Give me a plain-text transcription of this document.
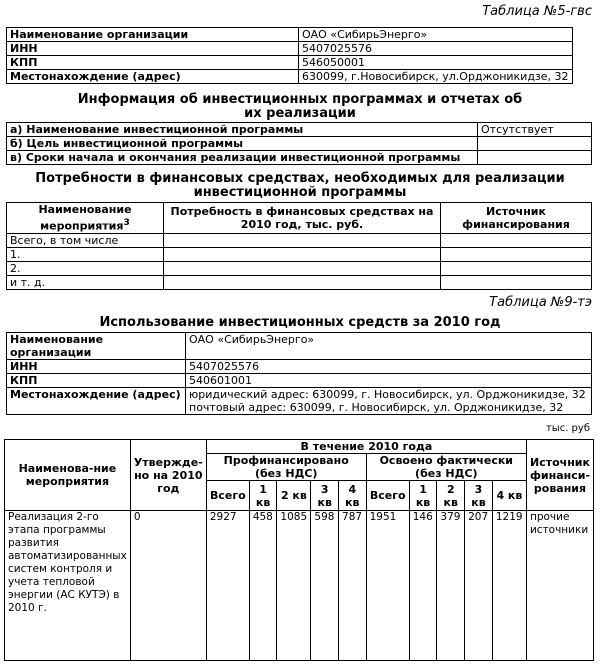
Таблица №5-гвс
Наименование организации	ОАО «СибирьЭнерго»
ИНН	5407025576
КПП	546050001
Местонахождение (адрес)	630099, г.Новосибирск, ул.Орджоникидзе, 32
Информация об инвестиционных программах и отчетах об их реализации
а) Наименование инвестиционной программы	Отсутствует
б) Цель инвестиционной программы	
в) Сроки начала и окончания реализации инвестиционной программы	
Потребности в финансовых средствах, необходимых для реализации инвестиционной программы
Наименование мероприятия$^3$	Потребность в финансовых средствах на 2010 год, тыс. руб.	Источник финансирования
Всего, в том числе		
1.		
2.		
и т. д.		
Таблица №9-тэ
Использование инвестиционных средств за 2010 год
Наименование организации	ОАО «СибирьЭнерго»
ИНН	5407025576
КПП	540601001
Местонахождение (адрес)	юридический адрес: 630099, г. Новосибирск, ул. Орджоникидзе, 32
почтовый адрес: 630099, г. Новосибирск, ул. Орджоникидзе, 32
тыс. руб
Наименова-ние мероприятия	Утвержде-но на 2010 год	В течение 2010 года										Источник финанси-рования
		Профинансировано (без НДС)					Освоено фактически (без НДС)					
		Всего	1 кв	2 кв	3 кв	4 кв	Всего	1 кв	2 кв	3 кв	4 кв	
Реализация 2-го этапа программы развития автоматизированных систем контроля и учета тепловой энергии (АС КУТЭ) в 2010 г.	0	2927	458	1085	598	787	1951	146	379	207	1219	прочие источники
